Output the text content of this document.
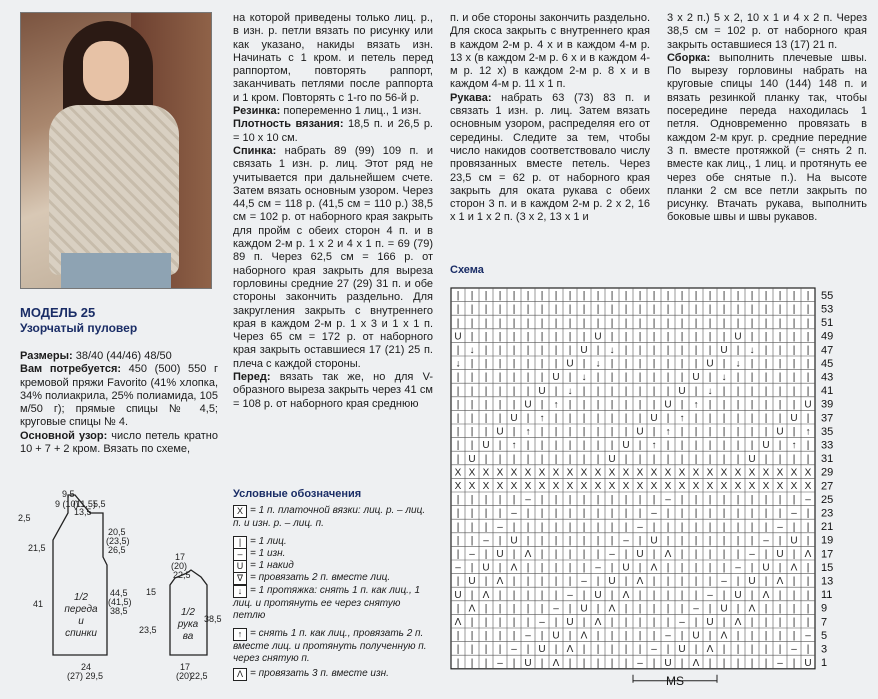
МОДЕЛЬ 25
Узорчатый пуловер
Размеры: 38/40 (44/46) 48/50
Вам потребуется: 450 (500) 550 г кремовой пряжи Favorito (41% хлопка, 34% полиакрила, 25% полиамида, 105 м/50 г); прямые спицы № 4,5; круговые спицы № 4.
Основной узор: число петель кратно 10 + 7 + 2 кром. Вязать по схеме,
на которой приведены только лиц. р., в изн. р. петли вязать по рисунку или как указано, накиды вязать изн. Начинать с 1 кром. и петель перед раппортом, повторять раппорт, заканчивать петлями после раппорта и 1 кром. Повторять с 1-го по 56-й р.
Резинка: попеременно 1 лиц., 1 изн.
Плотность вязания: 18,5 п. и 26,5 р. = 10 x 10 см.
Спинка: набрать 89 (99) 109 п. и связать 1 изн. р. лиц. Этот ряд не учитывается при дальнейшем счете. Затем вязать основным узором. Через 44,5 см = 118 р. (41,5 см = 110 р.) 38,5 см = 102 р. от наборного края закрыть для пройм с обеих сторон 4 п. и в каждом 2-м р. 1 x 2 и 4 x 1 п. = 69 (79) 89 п. Через 62,5 см = 166 р. от наборного края закрыть для выреза горловины средние 27 (29) 31 п. и обе стороны закончить раздельно. Для закругления закрыть с внутреннего края в каждом 2-м р. 1 x 3 и 1 x 1 п. Через 65 см = 172 р. от наборного края закрыть оставшиеся 17 (21) 25 п. плеча с каждой стороны.
Перед: вязать так же, но для V-образного выреза закрыть через 41 см = 108 р. от наборного края среднюю
п. и обе стороны закончить раздельно. Для скоса закрыть с внутреннего края в каждом 2-м р. 4 x и в каждом 4-м р. 13 x (в каждом 2-м р. 6 x и в каждом 4-м р. 12 x) в каждом 2-м р. 8 x и в каждом 4-м р. 11 x 1 п.
Рукава: набрать 63 (73) 83 п. и связать 1 изн. р. лиц. Затем вязать основным узором, распределяя его от середины. Следите за тем, чтобы число накидов соответствовало числу провязанных вместе петель. Через 23,5 см = 62 р. от наборного края закрыть для оката рукава с обеих сторон 3 п. и в каждом 2-м р. 2 x 2, 16 x 1 и 1 x 2 п. (3 x 2, 13 x 1 и
3 x 2 п.) 5 x 2, 10 x 1 и 4 x 2 п. Через 38,5 см = 102 р. от наборного края закрыть оставшиеся 13 (17) 21 п.
Сборка: выполнить плечевые швы. По вырезу горловины набрать на круговые спицы 140 (144) 148 п. и вязать резинкой планку так, чтобы посередине переда находилась 1 петля. Одновременно провязать в каждом 2-м круг. р. средние передние 3 п. вместе протяжкой (= снять 2 п. вместе как лиц., 1 лиц. и протянуть ее через обе снятые п.). На высоте планки 2 см все петли закрыть по рисунку. Втачать рукава, выполнить боковые швы и швы рукавов.
Условные обозначения
X = 1 п. платочной вязки: лиц. р. – лиц. п. и изн. р. – лиц. п.
| = 1 лиц.
– = 1 изн.
U = 1 накид
∇ = провязать 2 п. вместе лиц.
↓ = 1 протяжка: снять 1 п. как лиц., 1 лиц. и протянуть ее через снятую петлю
↑ = снять 1 п. как лиц., провязать 2 п. вместе лиц. и протянуть полученную п. через снятую п.
Λ = провязать 3 п. вместе изн.
9,5
9 (10)
(11,5)
13,5
5,5
2,5
21,5
41
20,5
(23,5)
26,5
44,5
(41,5)
38,5
24
(27) 29,5
17
(20)
22,5
15
23,5
38,5
17
(20)
22,5
1/2
переда
и
спинки
1/2
рука
ва
Схема
| | | | | | | | | | | | | | | | | | | | | | | | | |
| | | | | | | | | | | | | | | | | | | | | | | | | |
| | | | | | | | | | | | | | | | | | | | | | | | | |
U | | | | | | | | | U | | | | | | | | | U | | | | |
| ↓ | | | | | | | U | ↓ | | | | | | | U | ↓ | | | |
↓ | | | | | | | U | ↓ | | | | | | | U | ↓ | | | | |
| | | | | | | U | ↓ | | | | | | | U | ↓ | | | | | |
| | | | | | U | ↓ | | | | | | | U | ↓ | | | | | | |
| | | | | U | ↑ | | | | | | | U | ↑ | | | | | | | U
| | | | U | ↑ | | | | | | | U | ↑ | | | | | | | U |
| | | U | ↑ | | | | | | | U | ↑ | | | | | | | U | ↑
| | U | ↑ | | | | | | | U | ↑ | | | | | | | U | ↑ |
| U | | | | | | | | | U | | | | | | | | | U | | | |
X X X X X X X X X X X X X X X X X X X X X X X X X X
X X X X X X X X X X X X X X X X X X X X X X X X X X
| | | | | – | | | | | | | | | – | | | | | | | | | –
| | | | – | | | | | | | | | – | | | | | | | | | – |
| | | – | | | | | | | | | – | | | | | | | | | – | |
| | – | U | | | | | | | – | U | | | | | | | – | U |
| – | U | Λ | | | | | – | U | Λ | | | | | – | U | Λ
– | U | Λ | | | | | – | U | Λ | | | | | – | U | Λ |
| U | Λ | | | | | – | U | Λ | | | | | – | U | Λ | |
U | Λ | | | | | – | U | Λ | | | | | – | U | Λ | | |
| Λ | | | | | – | U | Λ | | | | | – | U | Λ | | | |
Λ | | | | | – | U | Λ | | | | | – | U | Λ | | | | |
| | | | | – | U | Λ | | | | | – | U | Λ | | | | | –
| | | | – | U | Λ | | | | | – | U | Λ | | | | | – |
| | | – | U | Λ | | | | | – | U | Λ | | | | | – | U
55
53
51
49
47
45
43
41
39
37
35
33
31
29
27
25
23
21
19
17
15
13
11
9
7
5
3
1
MS
